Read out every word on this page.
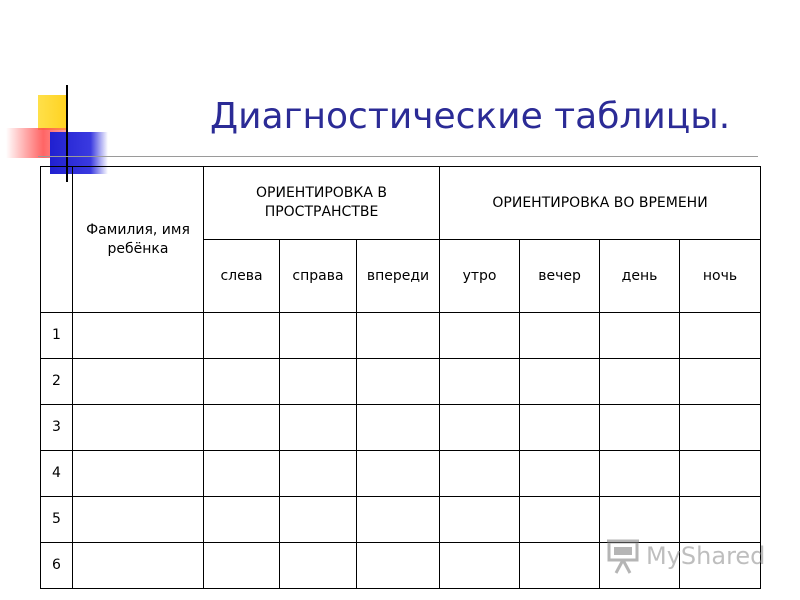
Диагностические таблицы.
	Фамилия, имя ребёнка	ОРИЕНТИРОВКА В ПРОСТРАНСТВЕ			ОРИЕНТИРОВКА ВО ВРЕМЕНИ			
		слева	справа	впереди	утро	вечер	день	ночь
1								
2								
3								
4								
5								
6									MyShared
